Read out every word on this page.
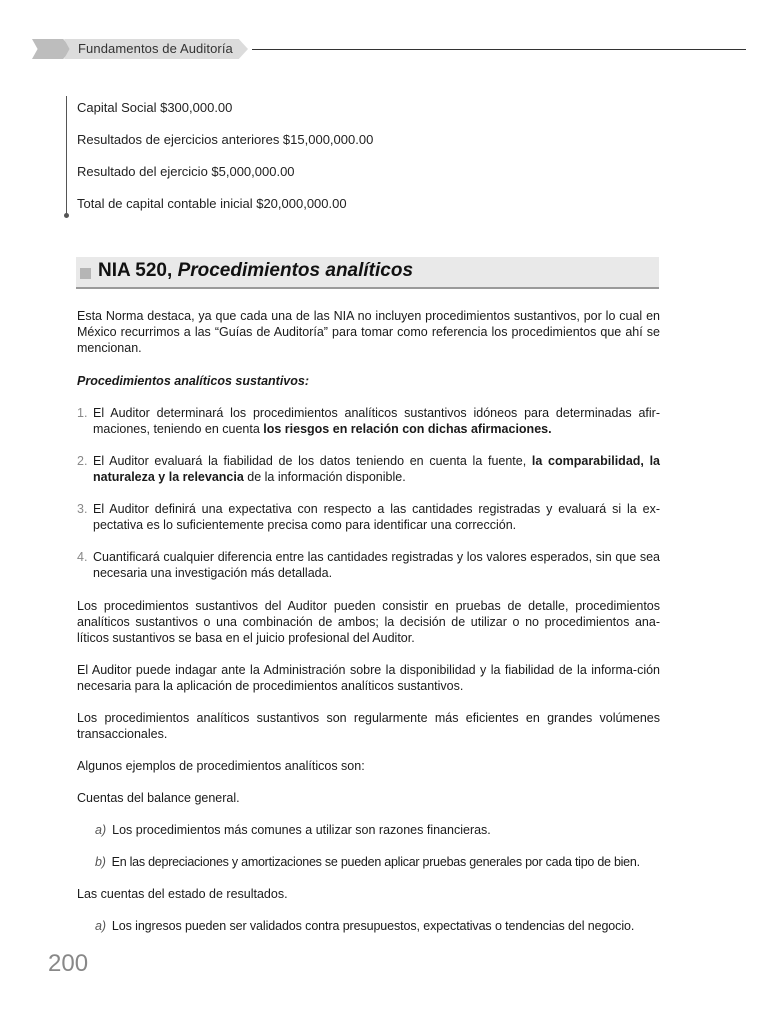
Fundamentos de Auditoría
Capital Social $300,000.00
Resultados de ejercicios anteriores $15,000,000.00
Resultado del ejercicio $5,000,000.00
Total de capital contable inicial $20,000,000.00
NIA 520, Procedimientos analíticos
Esta Norma destaca, ya que cada una de las NIA no incluyen procedimientos sustantivos, por lo cual en México recurrimos a las “Guías de Auditoría” para tomar como referencia los procedimientos que ahí se mencionan.
Procedimientos analíticos sustantivos:
1. El Auditor determinará los procedimientos analíticos sustantivos idóneos para determinadas afir-maciones, teniendo en cuenta los riesgos en relación con dichas afirmaciones.
2. El Auditor evaluará la fiabilidad de los datos teniendo en cuenta la fuente, la comparabilidad, la naturaleza y la relevancia de la información disponible.
3. El Auditor definirá una expectativa con respecto a las cantidades registradas y evaluará si la ex-pectativa es lo suficientemente precisa como para identificar una corrección.
4. Cuantificará cualquier diferencia entre las cantidades registradas y los valores esperados, sin que sea necesaria una investigación más detallada.
Los procedimientos sustantivos del Auditor pueden consistir en pruebas de detalle, procedimientos analíticos sustantivos o una combinación de ambos; la decisión de utilizar o no procedimientos ana-líticos sustantivos se basa en el juicio profesional del Auditor.
El Auditor puede indagar ante la Administración sobre la disponibilidad y la fiabilidad de la informa-ción necesaria para la aplicación de procedimientos analíticos sustantivos.
Los procedimientos analíticos sustantivos son regularmente más eficientes en grandes volúmenes transaccionales.
Algunos ejemplos de procedimientos analíticos son:
Cuentas del balance general.
a) Los procedimientos más comunes a utilizar son razones financieras.
b) En las depreciaciones y amortizaciones se pueden aplicar pruebas generales por cada tipo de bien.
Las cuentas del estado de resultados.
a) Los ingresos pueden ser validados contra presupuestos, expectativas o tendencias del negocio.
200
